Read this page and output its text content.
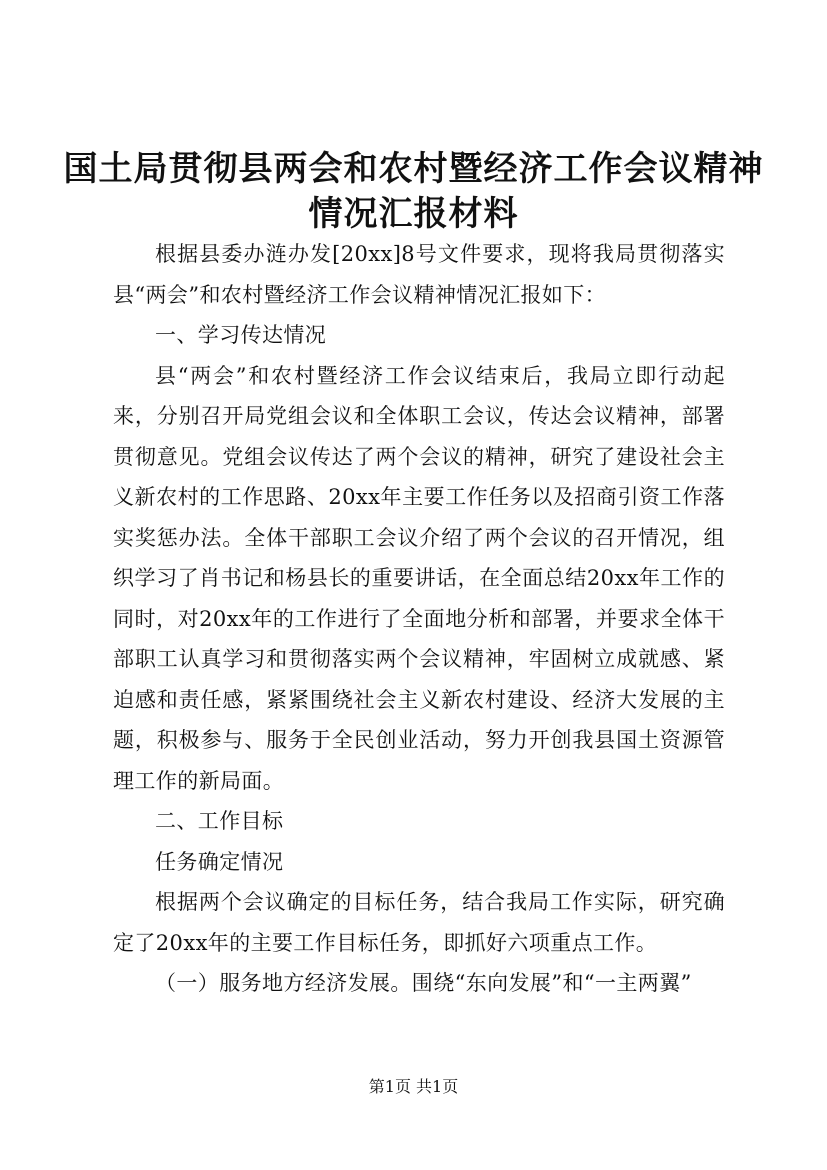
国土局贯彻县两会和农村暨经济工作会议精神
情况汇报材料

根据县委办涟办发[20xx]8号文件要求，现将我局贯彻落实县“两会”和农村暨经济工作会议精神情况汇报如下：

一、学习传达情况

县“两会”和农村暨经济工作会议结束后，我局立即行动起来，分别召开局党组会议和全体职工会议，传达会议精神，部署贯彻意见。党组会议传达了两个会议的精神，研究了建设社会主义新农村的工作思路、20xx年主要工作任务以及招商引资工作落实奖惩办法。全体干部职工会议介绍了两个会议的召开情况，组织学习了肖书记和杨县长的重要讲话，在全面总结20xx年工作的同时，对20xx年的工作进行了全面地分析和部署，并要求全体干部职工认真学习和贯彻落实两个会议精神，牢固树立成就感、紧迫感和责任感，紧紧围绕社会主义新农村建设、经济大发展的主题，积极参与、服务于全民创业活动，努力开创我县国土资源管理工作的新局面。

二、工作目标

任务确定情况

根据两个会议确定的目标任务，结合我局工作实际，研究确定了20xx年的主要工作目标任务，即抓好六项重点工作。

（一）服务地方经济发展。围绕“东向发展”和“一主两翼”

第1页 共1页
